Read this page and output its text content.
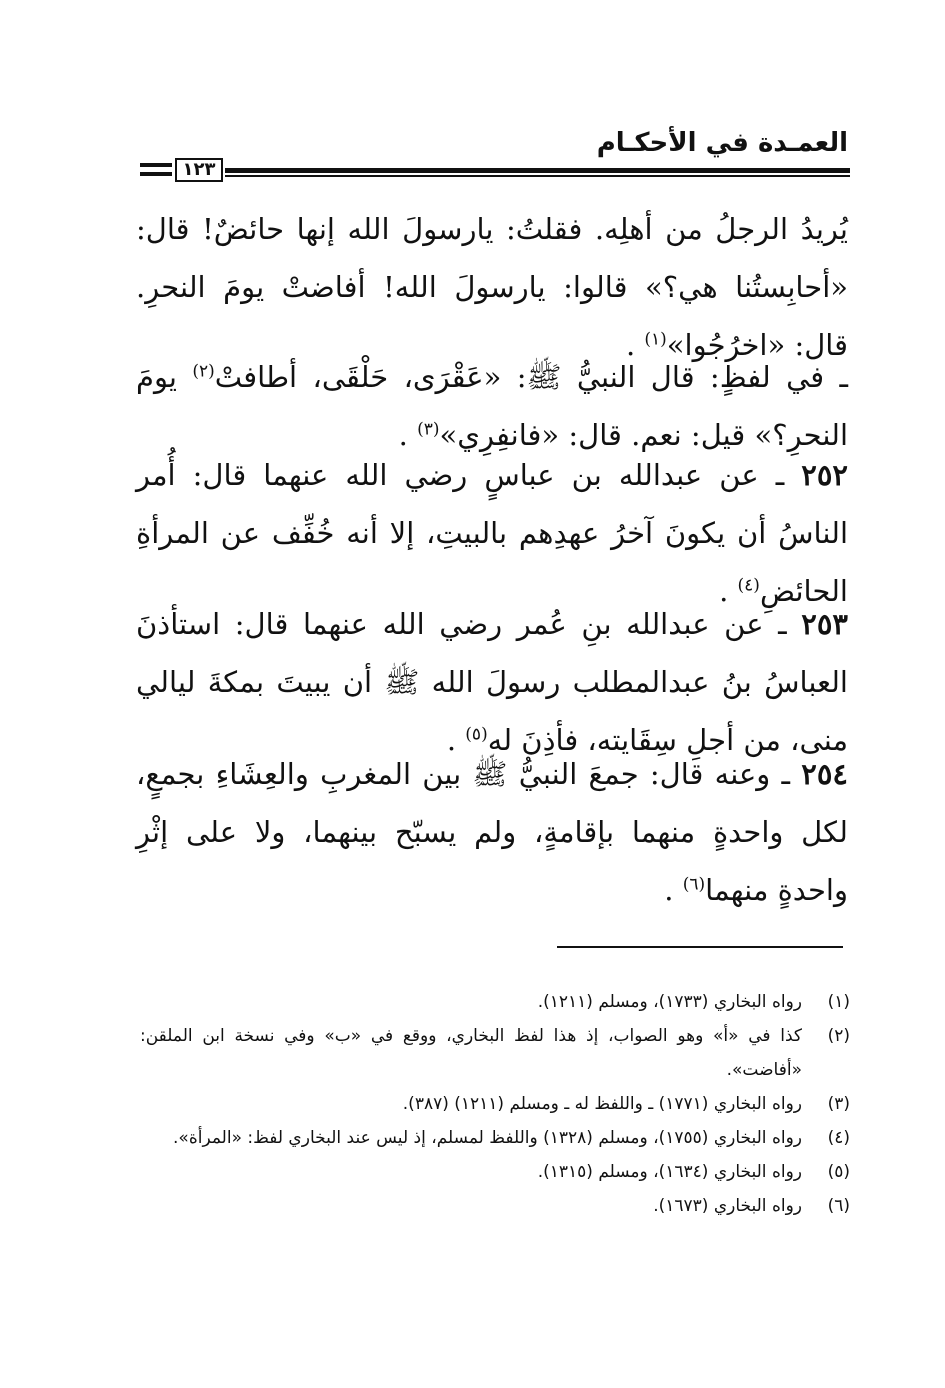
العمـدة في الأحكـام
١٢٣
يُريدُ الرجلُ من أهلِه. فقلتُ: يارسولَ الله إنها حائضٌ! قال: «أحابِستُنا هي؟» قالوا: يارسولَ الله! أفاضتْ يومَ النحرِ. قال: «اخرُجُوا»$^{(١)}$ .
ـ في لفظٍ: قال النبيُّ ﷺ: «عَقْرَى، حَلْقَى، أطافتْ$^{(٢)}$ يومَ النحرِ؟» قيل: نعم. قال: «فانفِرِي»$^{(٣)}$ .
٢٥٢ ـ عن عبدالله بن عباسٍ رضي الله عنهما قال: أُمر الناسُ أن يكونَ آخرُ عهدِهم بالبيتِ، إلا أنه خُفِّف عن المرأةِ الحائضِ$^{(٤)}$ .
٢٥٣ ـ عن عبدالله بنِ عُمر رضي الله عنهما قال: استأذنَ العباسُ بنُ عبدالمطلب رسولَ الله ﷺ أن يبيتَ بمكةَ ليالي منى، من أجلِ سِقَايته، فأذِنَ له$^{(٥)}$ .
٢٥٤ ـ وعنه قال: جمعَ النبيُّ ﷺ بين المغربِ والعِشَاءِ بجمعٍ، لكل واحدةٍ منهما بإقامةٍ، ولم يسبّح بينهما، ولا على إثْرِ واحدةٍ منهما$^{(٦)}$ .
(١)
رواه البخاري (١٧٣٣)، ومسلم (١٢١١).
(٢)
كذا في «أ» وهو الصواب، إذ هذا لفظ البخاري، ووقع في «ب» وفي نسخة ابن الملقن: «أفاضت».
(٣)
رواه البخاري (١٧٧١) ـ واللفظ له ـ ومسلم (١٢١١) (٣٨٧).
(٤)
رواه البخاري (١٧٥٥)، ومسلم (١٣٢٨) واللفظ لمسلم، إذ ليس عند البخاري لفظ: «المرأة».
(٥)
رواه البخاري (١٦٣٤)، ومسلم (١٣١٥).
(٦)
رواه البخاري (١٦٧٣).
